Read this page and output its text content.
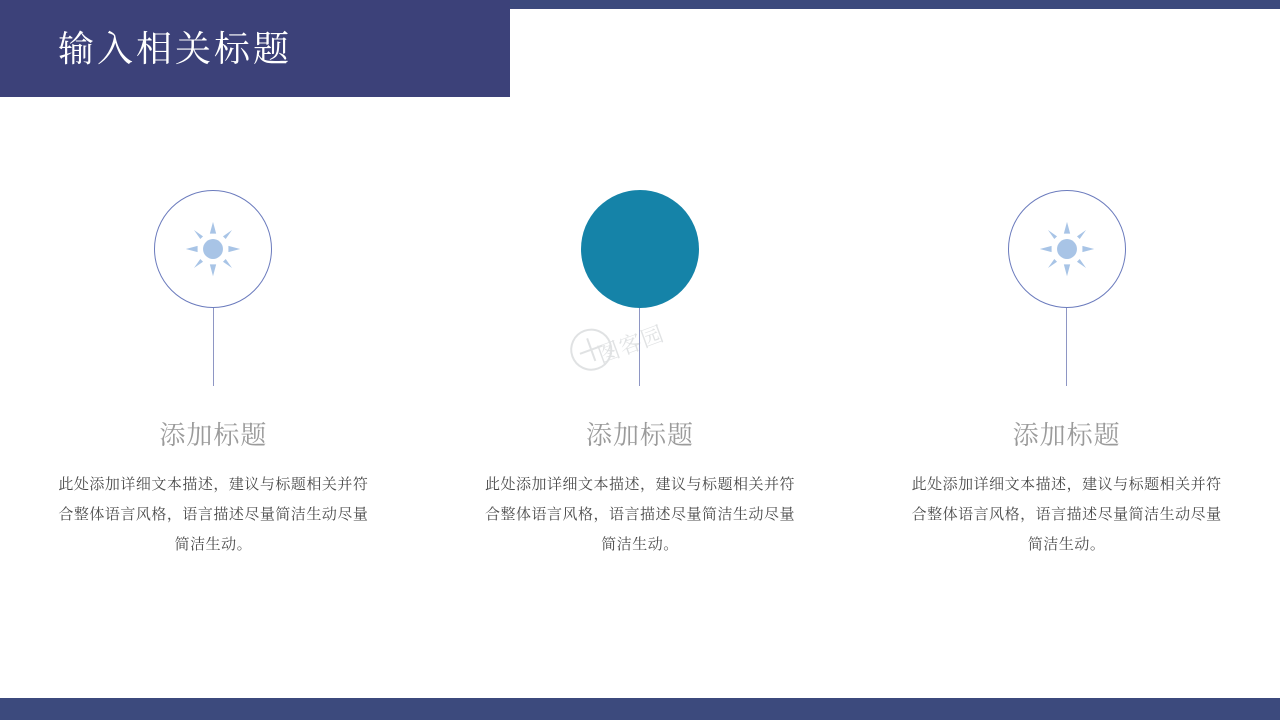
输入相关标题
添加标题
此处添加详细文本描述，建议与标题相关并符合整体语言风格，语言描述尽量简洁生动尽量简洁生动。
添加标题
此处添加详细文本描述，建议与标题相关并符合整体语言风格，语言描述尽量简洁生动尽量简洁生动。
添加标题
此处添加详细文本描述，建议与标题相关并符合整体语言风格，语言描述尽量简洁生动尽量简洁生动。
图客园
